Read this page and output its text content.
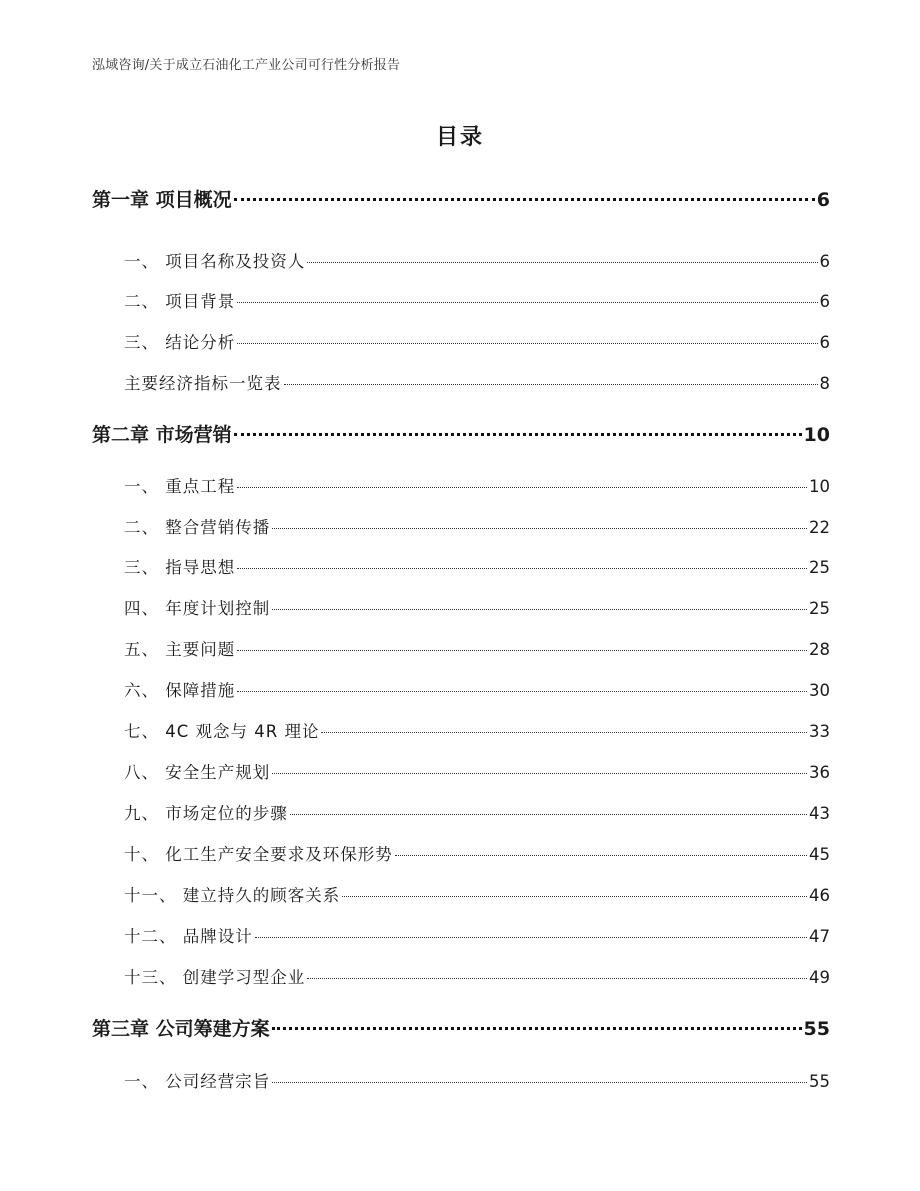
泓域咨询/关于成立石油化工产业公司可行性分析报告
目录
第一章 项目概况	6
一、 项目名称及投资人	6
二、 项目背景	6
三、 结论分析	6
主要经济指标一览表	8
第二章 市场营销	10
一、 重点工程	10
二、 整合营销传播	22
三、 指导思想	25
四、 年度计划控制	25
五、 主要问题	28
六、 保障措施	30
七、 4C 观念与 4R 理论	33
八、 安全生产规划	36
九、 市场定位的步骤	43
十、 化工生产安全要求及环保形势	45
十一、 建立持久的顾客关系	46
十二、 品牌设计	47
十三、 创建学习型企业	49
第三章 公司筹建方案	55
一、 公司经营宗旨	55
